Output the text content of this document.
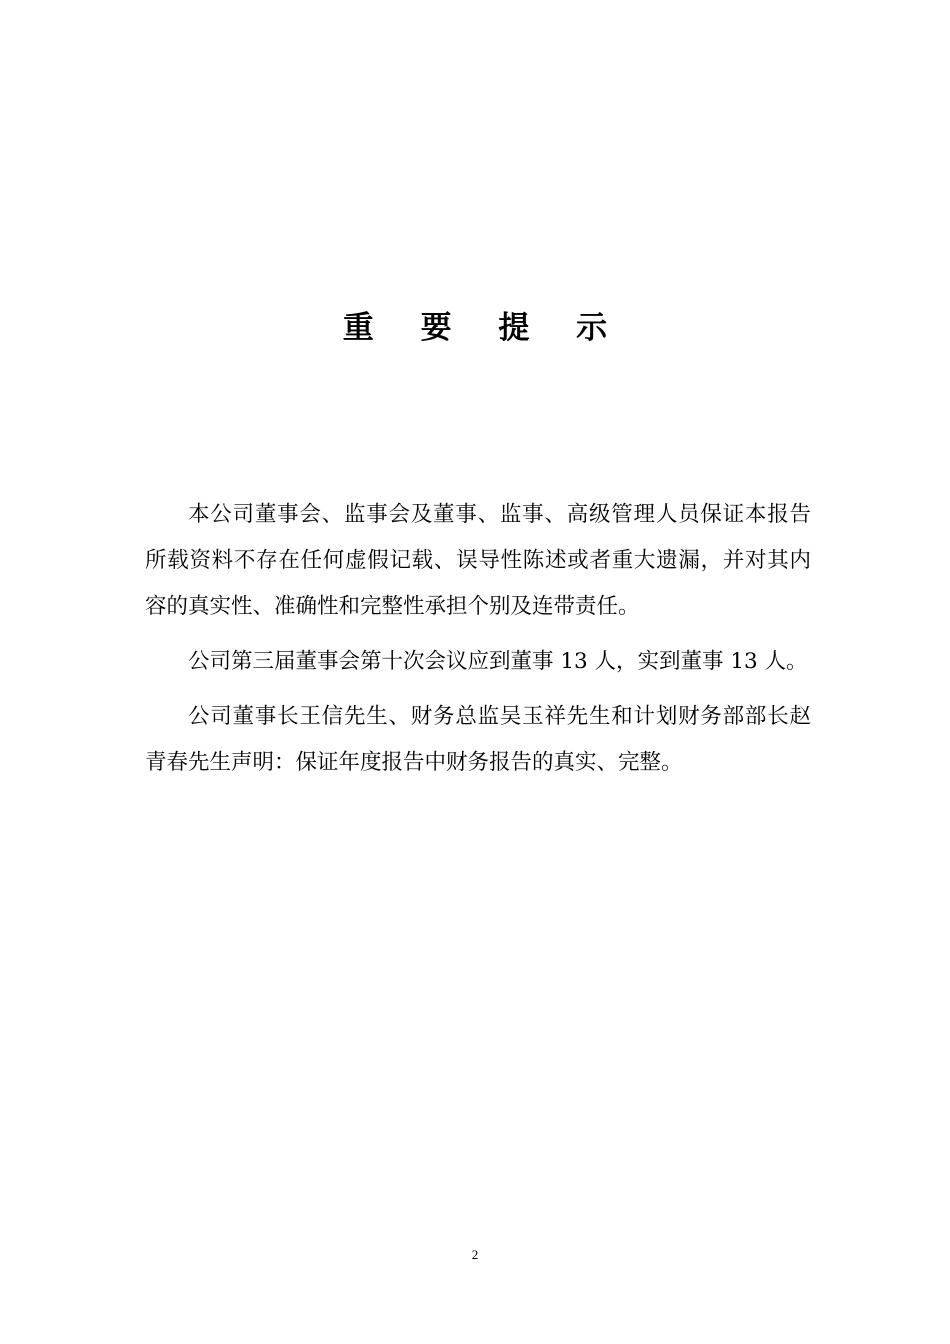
重 要 提 示

本公司董事会、监事会及董事、监事、高级管理人员保证本报告所载资料不存在任何虚假记载、误导性陈述或者重大遗漏，并对其内容的真实性、准确性和完整性承担个别及连带责任。

公司第三届董事会第十次会议应到董事 13 人，实到董事 13 人。

公司董事长王信先生、财务总监吴玉祥先生和计划财务部部长赵青春先生声明：保证年度报告中财务报告的真实、完整。

2
